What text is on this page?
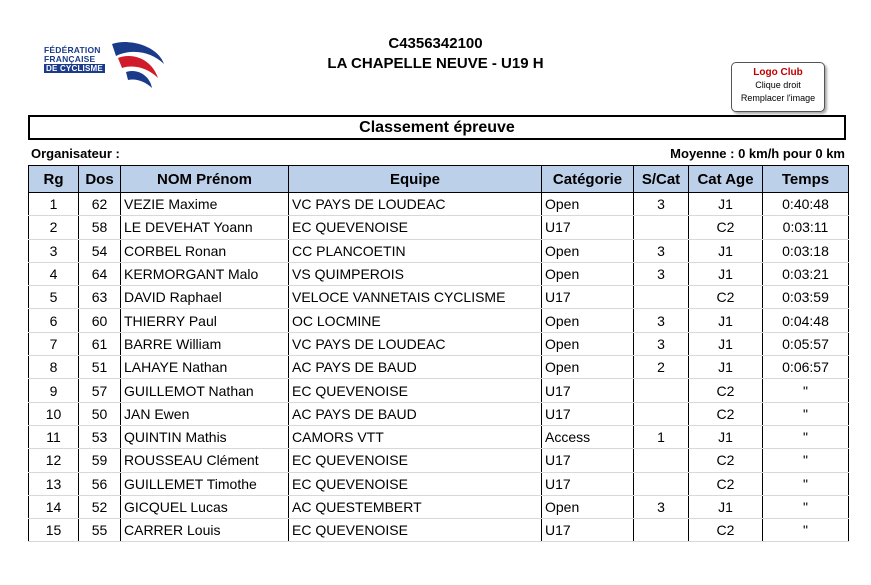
FÉDÉRATION
FRANÇAISE
DE CYCLISME
C4356342100
LA CHAPELLE NEUVE - U19 H
Logo Club
Clique droit
Remplacer l'image
Classement épreuve
Organisateur :	Moyenne : 0 km/h pour 0 km
Rg	Dos	NOM Prénom	Equipe	Catégorie	S/Cat	Cat Age	Temps
1	62	VEZIE Maxime	VC PAYS DE LOUDEAC	Open	3	J1	0:40:48
2	58	LE DEVEHAT Yoann	EC QUEVENOISE	U17		C2	0:03:11
3	54	CORBEL Ronan	CC PLANCOETIN	Open	3	J1	0:03:18
4	64	KERMORGANT Malo	VS QUIMPEROIS	Open	3	J1	0:03:21
5	63	DAVID Raphael	VELOCE VANNETAIS CYCLISME	U17		C2	0:03:59
6	60	THIERRY Paul	OC LOCMINE	Open	3	J1	0:04:48
7	61	BARRE William	VC PAYS DE LOUDEAC	Open	3	J1	0:05:57
8	51	LAHAYE Nathan	AC PAYS DE BAUD	Open	2	J1	0:06:57
9	57	GUILLEMOT Nathan	EC QUEVENOISE	U17		C2	"
10	50	JAN Ewen	AC PAYS DE BAUD	U17		C2	"
11	53	QUINTIN Mathis	CAMORS VTT	Access	1	J1	"
12	59	ROUSSEAU Clément	EC QUEVENOISE	U17		C2	"
13	56	GUILLEMET Timothe	EC QUEVENOISE	U17		C2	"
14	52	GICQUEL Lucas	AC QUESTEMBERT	Open	3	J1	"
15	55	CARRER Louis	EC QUEVENOISE	U17		C2	"
